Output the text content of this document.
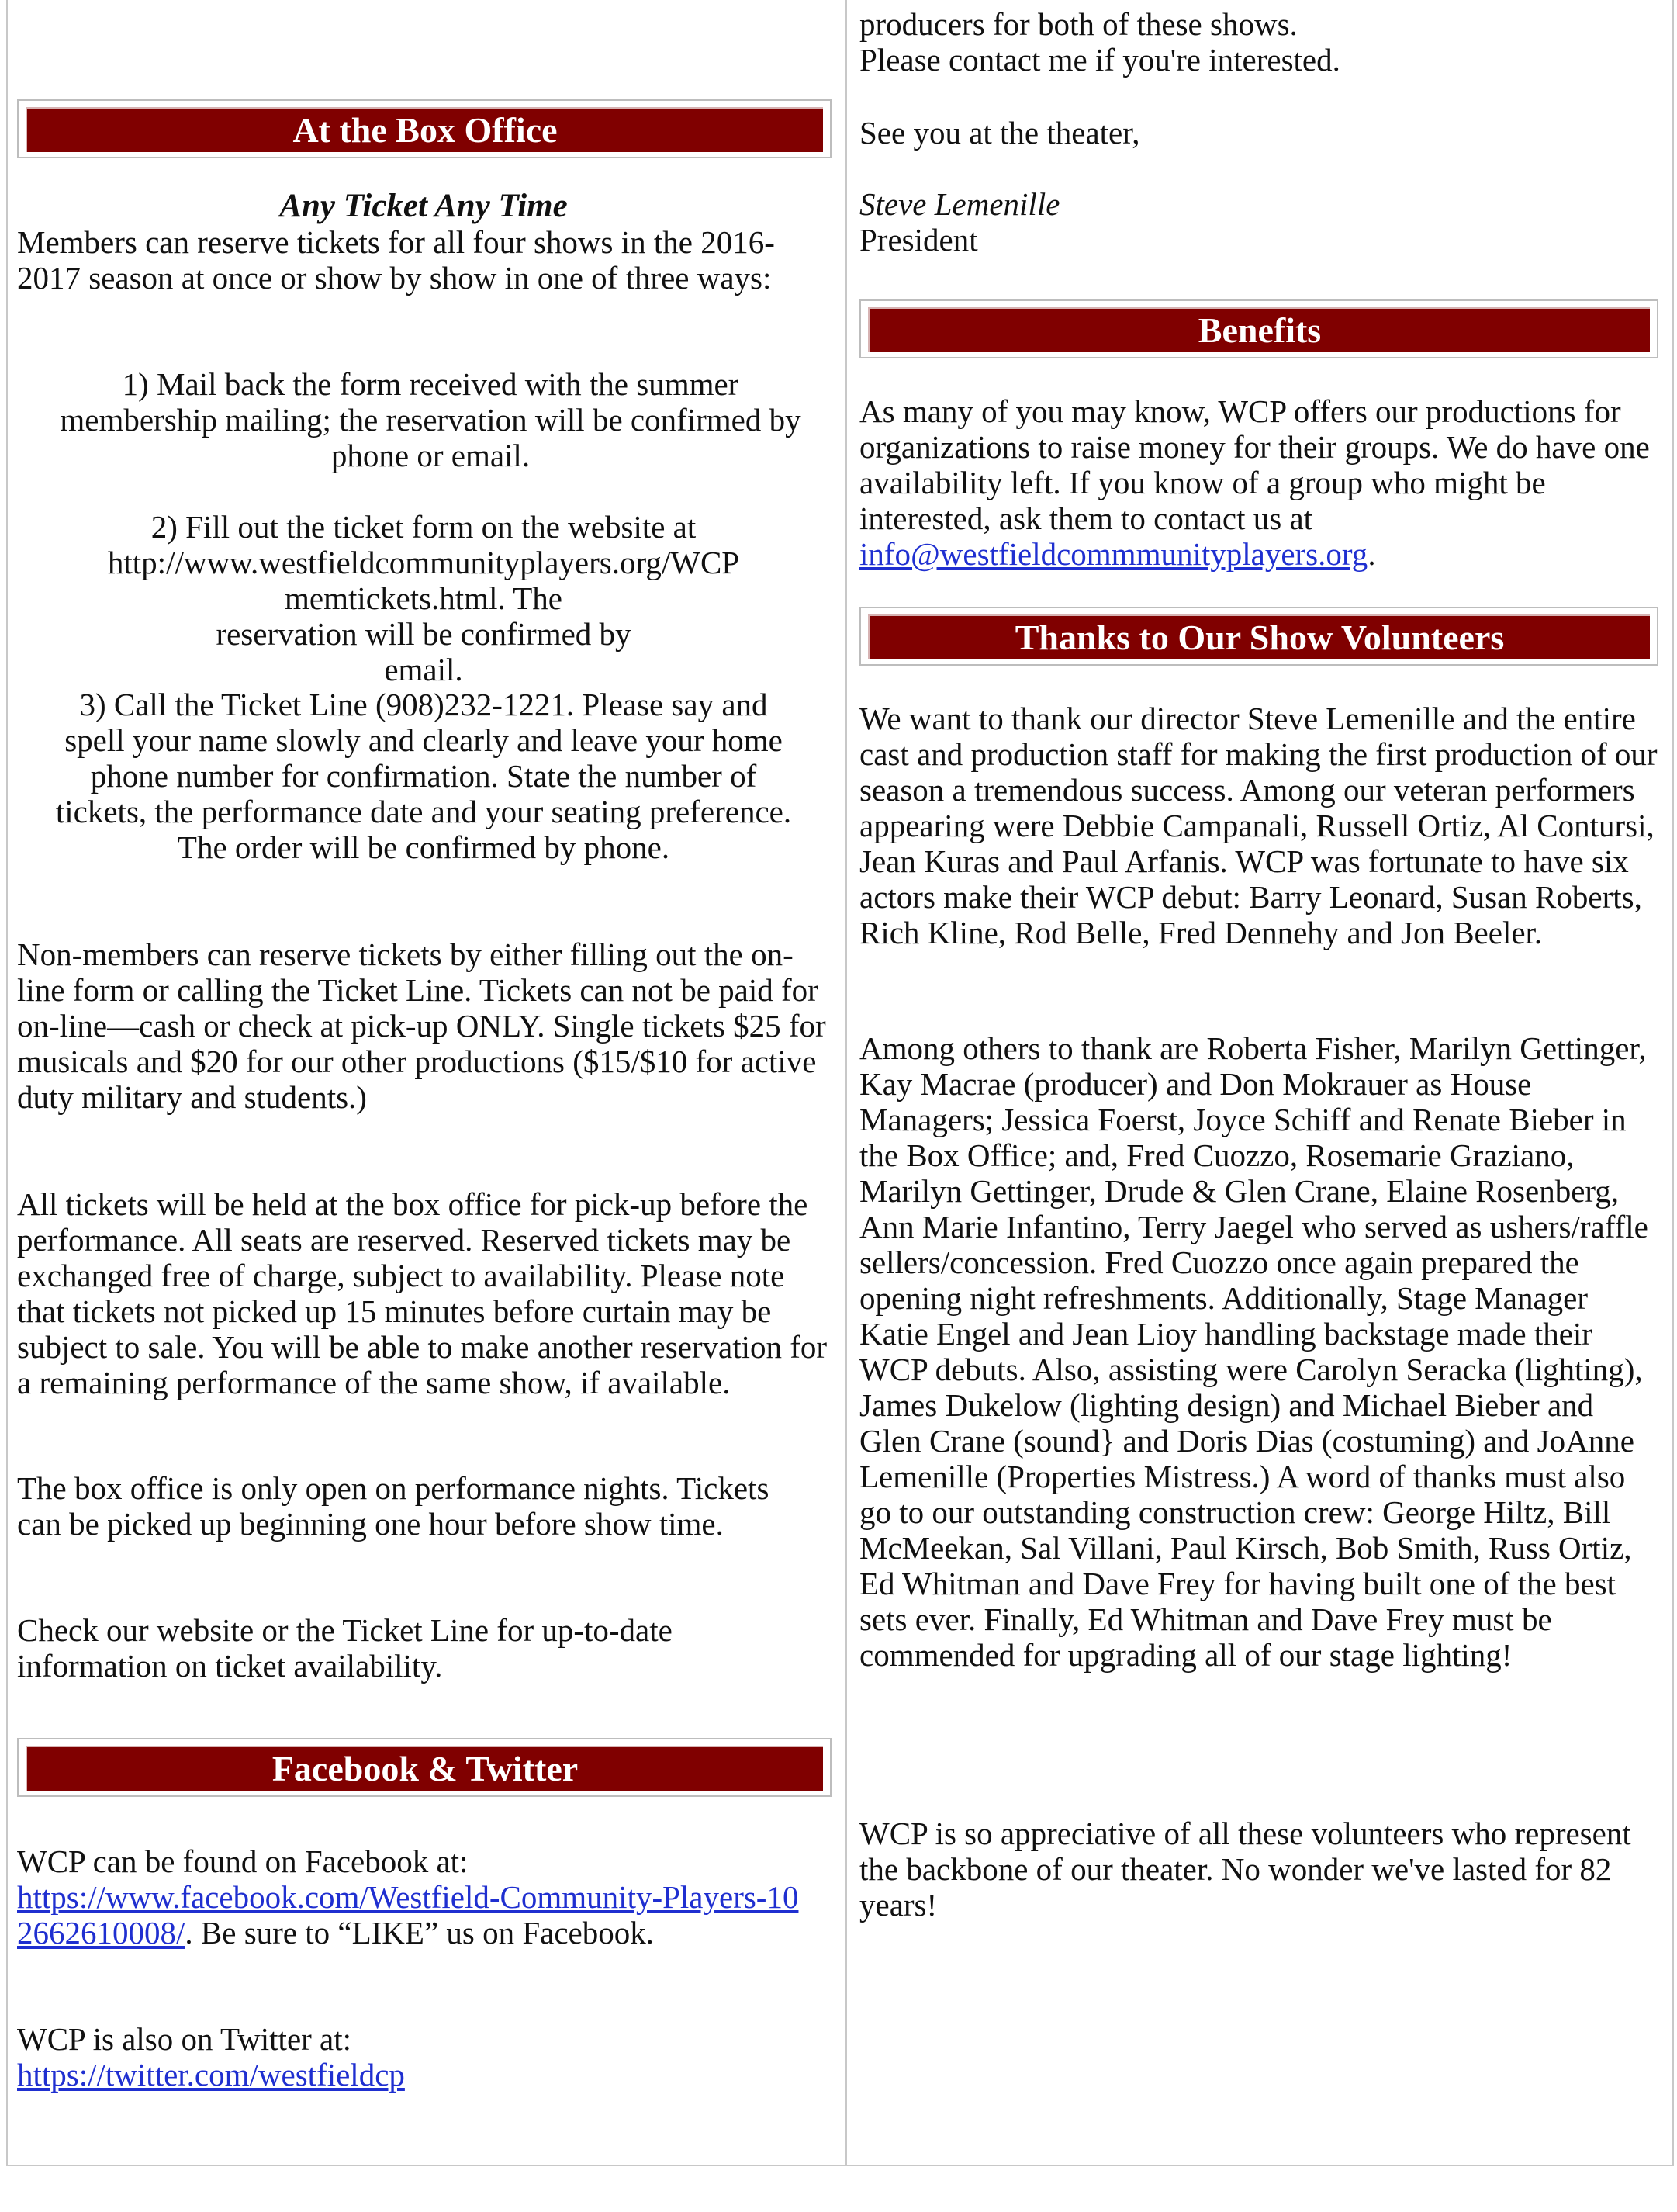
At the Box Office
Any Ticket Any Time

Members can reserve tickets for all four shows in the 2016-2017 season at once or show by show in one of three ways:

1) Mail back the form received with the summer membership mailing; the reservation will be confirmed by phone or email.

2) Fill out the ticket form on the website at
http://www.westfieldcommunityplayers.org/WCP
memtickets.html. The reservation will be confirmed by email.

3) Call the Ticket Line (908)232-1221. Please say and spell your name slowly and clearly and leave your home phone number for confirmation. State the number of tickets, the performance date and your seating preference. The order will be confirmed by phone.

Non-members can reserve tickets by either filling out the on-line form or calling the Ticket Line. Tickets can not be paid for on-line—cash or check at pick-up ONLY. Single tickets $25 for musicals and $20 for our other productions ($15/$10 for active duty military and students.)

All tickets will be held at the box office for pick-up before the performance. All seats are reserved. Reserved tickets may be exchanged free of charge, subject to availability. Please note that tickets not picked up 15 minutes before curtain may be subject to sale. You will be able to make another reservation for a remaining performance of the same show, if available.

The box office is only open on performance nights. Tickets can be picked up beginning one hour before show time.

Check our website or the Ticket Line for up-to-date information on ticket availability.

Facebook & Twitter

WCP can be found on Facebook at:

https://www.facebook.com/Westfield-Community-Players-102662610008/. Be sure to “LIKE” us on Facebook.

WCP is also on Twitter at:

https://twitter.com/westfieldcp

producers for both of these shows.

Please contact me if you're interested.

See you at the theater,

Steve Lemenille

President

Benefits

As many of you may know, WCP offers our productions for organizations to raise money for their groups. We do have one availability left. If you know of a group who might be interested, ask them to contact us at info@westfieldcommmunityplayers.org.

Thanks to Our Show Volunteers

We want to thank our director Steve Lemenille and the entire cast and production staff for making the first production of our season a tremendous success. Among our veteran performers appearing were Debbie Campanali, Russell Ortiz, Al Contursi, Jean Kuras and Paul Arfanis. WCP was fortunate to have six actors make their WCP debut: Barry Leonard, Susan Roberts, Rich Kline, Rod Belle, Fred Dennehy and Jon Beeler.

Among others to thank are Roberta Fisher, Marilyn Gettinger, Kay Macrae (producer) and Don Mokrauer as House Managers; Jessica Foerst, Joyce Schiff and Renate Bieber in the Box Office; and, Fred Cuozzo, Rosemarie Graziano, Marilyn Gettinger, Drude & Glen Crane, Elaine Rosenberg, Ann Marie Infantino, Terry Jaegel who served as ushers/raffle sellers/concession. Fred Cuozzo once again prepared the opening night refreshments. Additionally, Stage Manager Katie Engel and Jean Lioy handling backstage made their WCP debuts. Also, assisting were Carolyn Seracka (lighting), James Dukelow (lighting design) and Michael Bieber and Glen Crane (sound} and Doris Dias (costuming) and JoAnne Lemenille (Properties Mistress.) A word of thanks must also go to our outstanding construction crew: George Hiltz, Bill McMeekan, Sal Villani, Paul Kirsch, Bob Smith, Russ Ortiz, Ed Whitman and Dave Frey for having built one of the best sets ever. Finally, Ed Whitman and Dave Frey must be commended for upgrading all of our stage lighting!

WCP is so appreciative of all these volunteers who represent the backbone of our theater. No wonder we've lasted for 82 years!
